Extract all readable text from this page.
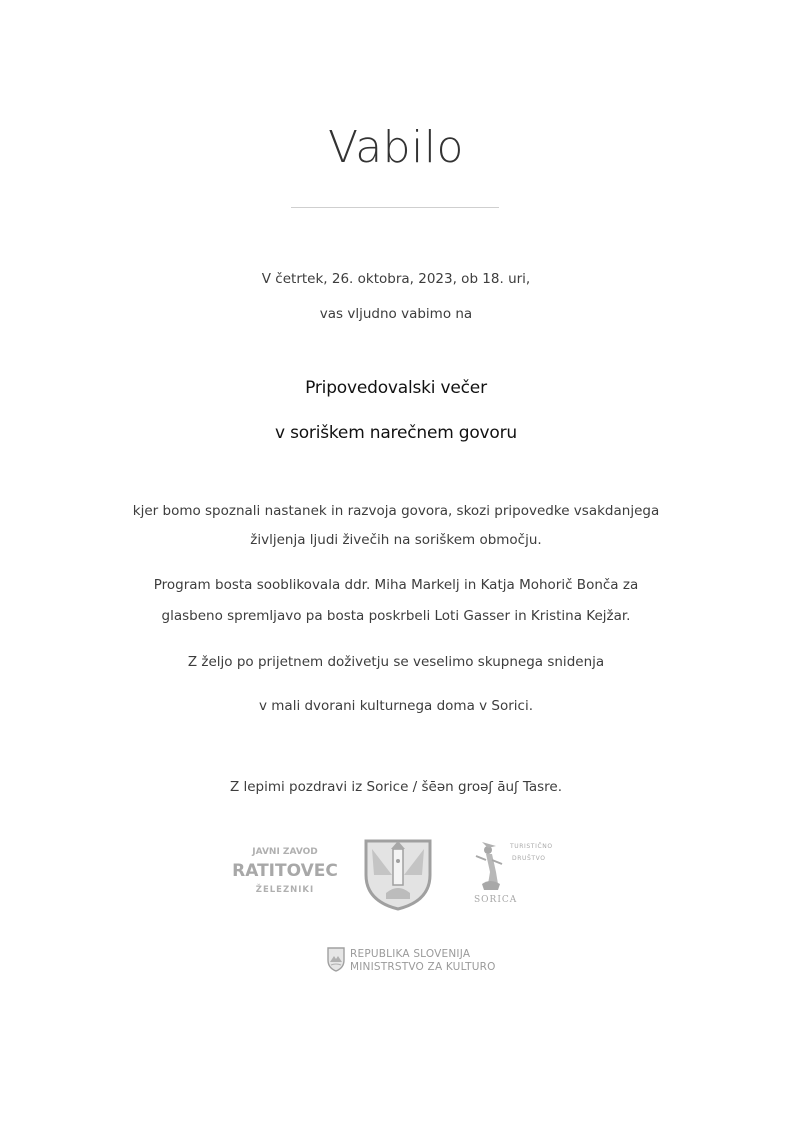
Vabilo
V četrtek, 26. oktobra, 2023, ob 18. uri,
vas vljudno vabimo na
Pripovedovalski večer
v soriškem narečnem govoru
kjer bomo spoznali nastanek in razvoja govora, skozi pripovedke vsakdanjega
življenja ljudi živečih na soriškem območju.
Program bosta sooblikovala ddr. Miha Markelj in Katja Mohorič Bonča za
glasbeno spremljavo pa bosta poskrbeli Loti Gasser in Kristina Kejžar.
Z željo po prijetnem doživetju se veselimo skupnega snidenja
v mali dvorani kulturnega doma v Sorici.
Z lepimi pozdravi iz Sorice / šēən groəʃ āuʃ Tasre.
JAVNI ZAVOD
RATITOVEC
ŽELEZNIKI
TURISTIČNO
DRUŠTVO
SORICA
REPUBLIKA SLOVENIJA
MINISTRSTVO ZA KULTURO
